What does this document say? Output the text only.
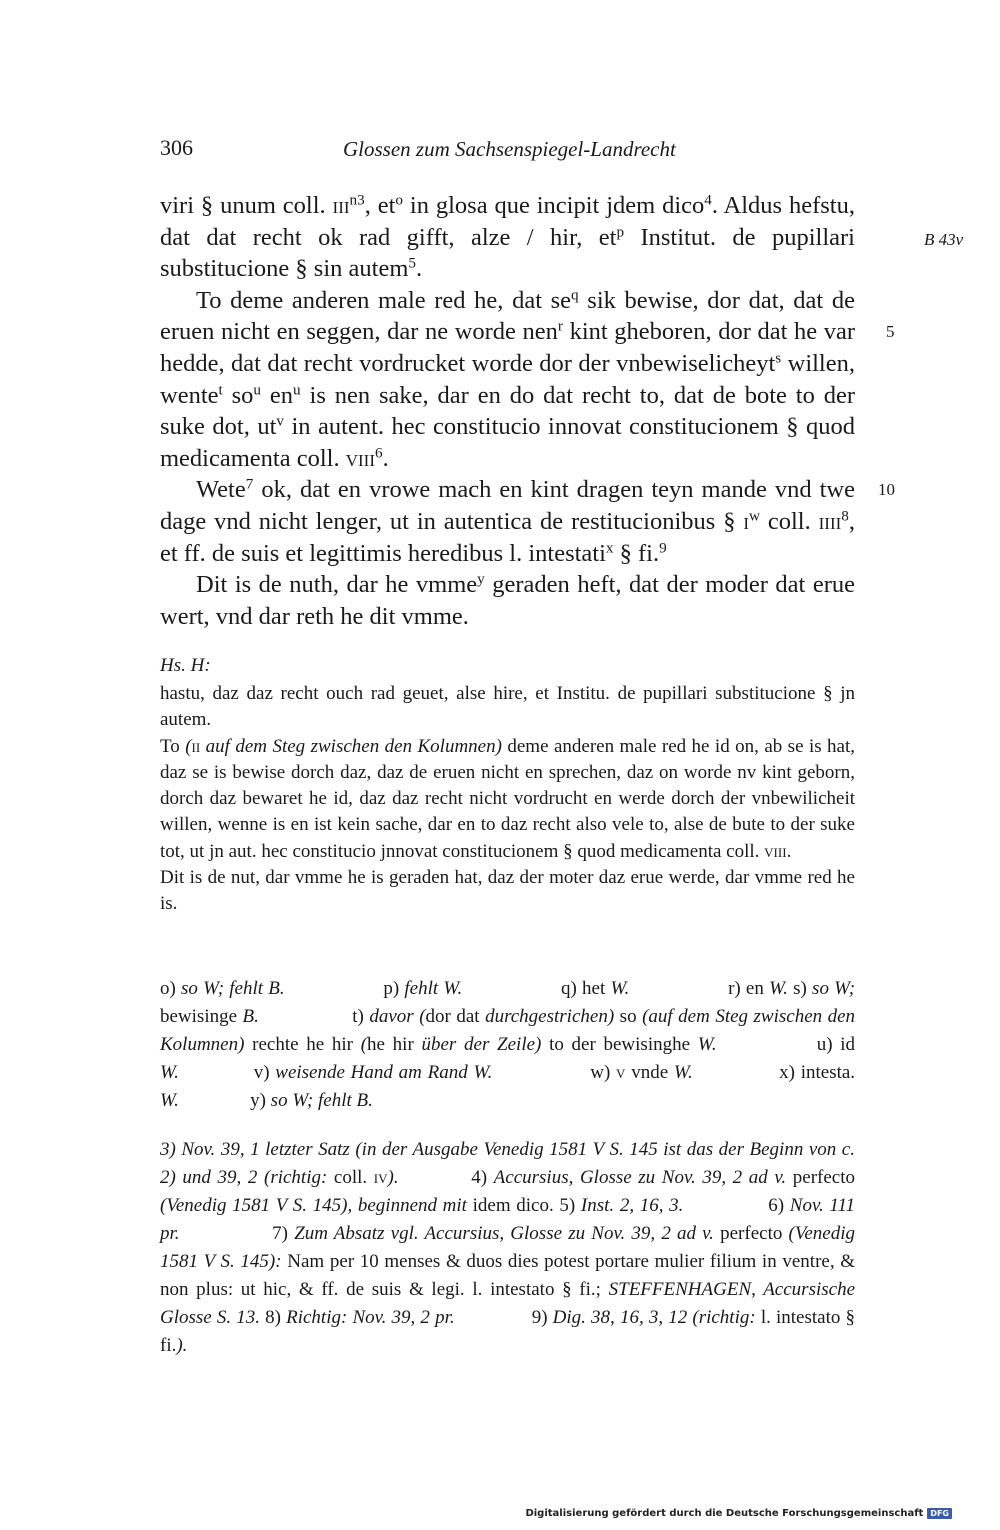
306	Glossen zum Sachsenspiegel-Landrecht
B 43v
5
10

viri § unum coll. iii$^{n3}$, $et^o$ in glosa que incipit jdem dico$^4$. Aldus hefstu, dat dat recht ok rad gifft, alze / hir, $et^p$ Institut. de pupillari substitucione § sin autem$^5$.

To deme anderen male red he, dat $se^q$ sik bewise, dor dat, dat de eruen nicht en seggen, dar ne worde nen$^r$ kint gheboren, dor dat he var hedde, dat dat recht vordrucket worde dor der vnbewiselicheyt$^s$ willen, wente$^t$ $so^u$ $en^u$ is nen sake, dar en do dat recht to, dat de bote to der suke dot, $ut^v$ in autent. hec constitucio innovat constitucionem § quod medicamenta coll. viii$^6$.

Wete$^7$ ok, dat en vrowe mach en kint dragen teyn mande vnd twe dage vnd nicht lenger, ut in autentica de restitucionibus § $i^w$ coll. iiii$^8$, et ff. de suis et legittimis heredibus l. intestati$^x$ § fi.$^9$

Dit is de nuth, dar he vmme$^y$ geraden heft, dat der moder dat erue wert, vnd dar reth he dit vmme.

Hs. H:

hastu, daz daz recht ouch rad geuet, alse hire, et Institu. de pupillari substitucione § jn autem.

To (ii auf dem Steg zwischen den Kolumnen) deme anderen male red he id on, ab se is hat, daz se is bewise dorch daz, daz de eruen nicht en sprechen, daz on worde nv kint geborn, dorch daz bewaret he id, daz daz recht nicht vordrucht en werde dorch der vnbewilicheit willen, wenne is en ist kein sache, dar en to daz recht also vele to, alse de bute to der suke tot, ut jn aut. hec constitucio jnnovat constitucionem § quod medicamenta coll. viii.

Dit is de nut, dar vmme he is geraden hat, daz der moter daz erue werde, dar vmme red he is.

o) so W; fehlt B.	p) fehlt W.	q) het W.	r) en W. s) so W; bewisinge B.	t) davor (dor dat durchgestrichen) so (auf dem Steg zwischen den Kolumnen) rechte he hir (he hir über der Zeile) to der bewisinghe W.	u) id W.	v) weisende Hand am Rand W.	w) v vnde W.	x) intesta. W.	y) so W; fehlt B.

3) Nov. 39, 1 letzter Satz (in der Ausgabe Venedig 1581 V S. 145 ist das der Beginn von c. 2) und 39, 2 (richtig: coll. iv).	4) Accursius, Glosse zu Nov. 39, 2 ad v. perfecto (Venedig 1581 V S. 145), beginnend mit idem dico. 5) Inst. 2, 16, 3.	6) Nov. 111 pr.	7) Zum Absatz vgl. Accursius, Glosse zu Nov. 39, 2 ad v. perfecto (Venedig 1581 V S. 145): Nam per 10 menses & duos dies potest portare mulier filium in ventre, & non plus: ut hic, & ff. de suis & legi. l. intestato § fi.; STEFFENHAGEN, Accursische Glosse S. 13. 8) Richtig: Nov. 39, 2 pr.	9) Dig. 38, 16, 3, 12 (richtig: l. intestato § fi.).

Digitalisierung gefördert durch die Deutsche Forschungsgemeinschaft DFG
